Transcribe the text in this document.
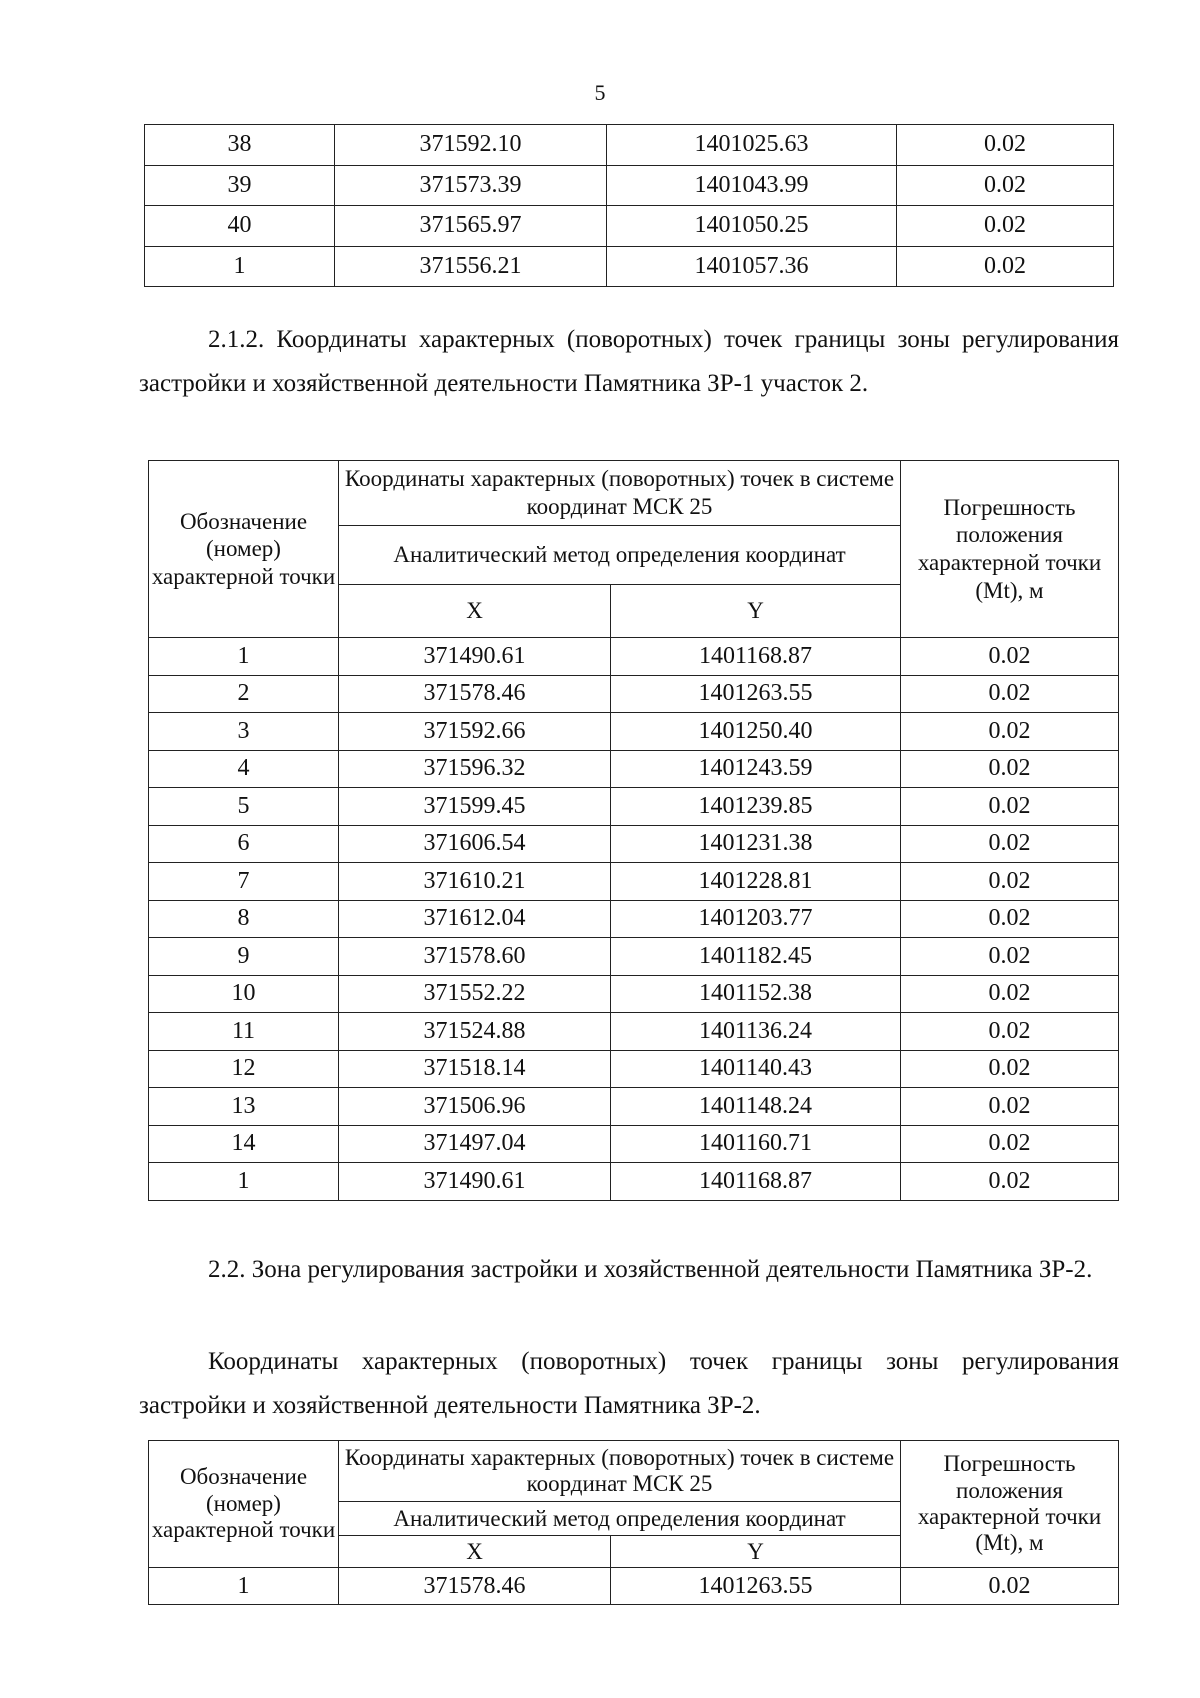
5
38	371592.10	1401025.63	0.02
39	371573.39	1401043.99	0.02
40	371565.97	1401050.25	0.02
1	371556.21	1401057.36	0.02

2.1.2. Координаты характерных (поворотных) точек границы зоны регулирования застройки и хозяйственной деятельности Памятника ЗР-1 участок 2.

Обозначение (номер) характерной точки	Координаты характерных (поворотных) точек в системе координат МСК 25		Погрешность положения характерной точки (Mt), м
	Аналитический метод определения координат		
	X	Y	
1	371490.61	1401168.87	0.02
2	371578.46	1401263.55	0.02
3	371592.66	1401250.40	0.02
4	371596.32	1401243.59	0.02
5	371599.45	1401239.85	0.02
6	371606.54	1401231.38	0.02
7	371610.21	1401228.81	0.02
8	371612.04	1401203.77	0.02
9	371578.60	1401182.45	0.02
10	371552.22	1401152.38	0.02
11	371524.88	1401136.24	0.02
12	371518.14	1401140.43	0.02
13	371506.96	1401148.24	0.02
14	371497.04	1401160.71	0.02
1	371490.61	1401168.87	0.02

2.2. Зона регулирования застройки и хозяйственной деятельности Памятника ЗР-2.

Координаты характерных (поворотных) точек границы зоны регулирования застройки и хозяйственной деятельности Памятника ЗР-2.

Обозначение (номер) характерной точки	Координаты характерных (поворотных) точек в системе координат МСК 25		Погрешность положения характерной точки (Mt), м
	Аналитический метод определения координат		
	X	Y	
1	371578.46	1401263.55	0.02
